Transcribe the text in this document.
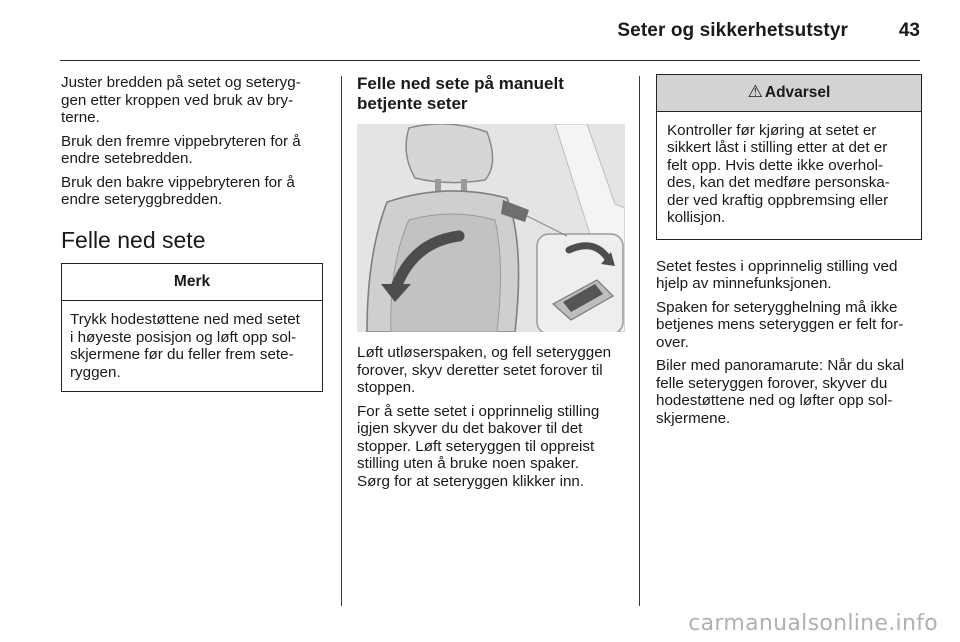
Seter og sikkerhetsutstyr	43

Juster bredden på setet og seteryg-
gen etter kroppen ved bruk av bry-
terne.

Bruk den fremre vippebryteren for å
endre setebredden.

Bruk den bakre vippebryteren for å
endre seteryggbredden.

Felle ned sete
Merk
Trykk hodestøttene ned med setet
i høyeste posisjon og løft opp sol-
skjermene før du feller frem sete-
ryggen.
Felle ned sete på manuelt
betjente seter

Løft utløserspaken, og fell seteryggen
forover, skyv deretter setet forover til
stoppen.

For å sette setet i opprinnelig stilling
igjen skyver du det bakover til det
stopper. Løft seteryggen til oppreist
stilling uten å bruke noen spaker.
Sørg for at seteryggen klikker inn.

⚠ Advarsel
Kontroller før kjøring at setet er
sikkert låst i stilling etter at det er
felt opp. Hvis dette ikke overhol-
des, kan det medføre personska-
der ved kraftig oppbremsing eller
kollisjon.

Setet festes i opprinnelig stilling ved
hjelp av minnefunksjonen.

Spaken for seterygghelning må ikke
betjenes mens seteryggen er felt for-
over.

Biler med panoramarute: Når du skal
felle seteryggen forover, skyver du
hodestøttene ned og løfter opp sol-
skjermene.

carmanualsonline.info
